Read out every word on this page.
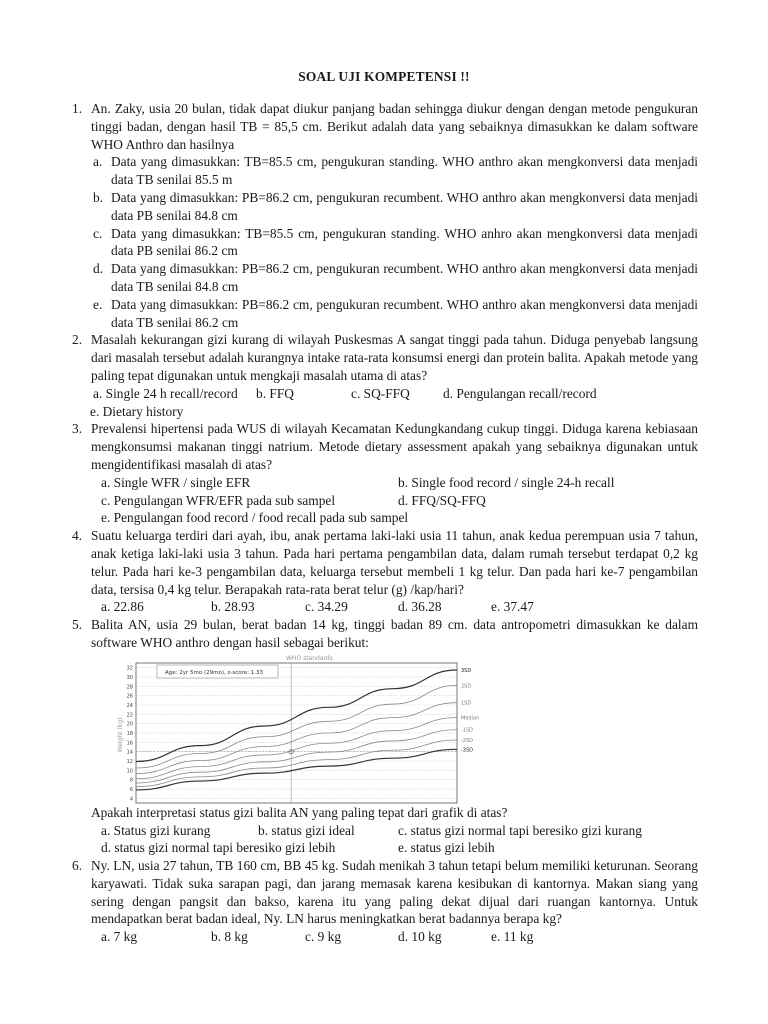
SOAL UJI KOMPETENSI !!
1. An. Zaky, usia 20 bulan, tidak dapat diukur panjang badan sehingga diukur dengan dengan metode pengukuran tinggi badan, dengan hasil TB = 85,5 cm. Berikut adalah data yang sebaiknya dimasukkan ke dalam software WHO Anthro dan hasilnya
a. Data yang dimasukkan: TB=85.5 cm, pengukuran standing. WHO anthro akan mengkonversi data menjadi data TB senilai 85.5 m
b. Data yang dimasukkan: PB=86.2 cm, pengukuran recumbent. WHO anthro akan mengkonversi data menjadi data PB senilai 84.8 cm
c. Data yang dimasukkan: TB=85.5 cm, pengukuran standing. WHO anhro akan mengkonversi data menjadi data PB senilai 86.2 cm
d. Data yang dimasukkan: PB=86.2 cm, pengukuran recumbent. WHO anthro akan mengkonversi data menjadi data TB senilai 84.8 cm
e. Data yang dimasukkan: PB=86.2 cm, pengukuran recumbent. WHO anthro akan mengkonversi data menjadi data TB senilai 86.2 cm
2. Masalah kekurangan gizi kurang di wilayah Puskesmas A sangat tinggi pada tahun. Diduga penyebab langsung dari masalah tersebut adalah kurangnya intake rata-rata konsumsi energi dan protein balita. Apakah metode yang paling tepat digunakan untuk mengkaji masalah utama di atas?
a. Single 24 h recall/record b. FFQ	c. SQ-FFQ d. Pengulangan recall/record
e. Dietary history
3. Prevalensi hipertensi pada WUS di wilayah Kecamatan Kedungkandang cukup tinggi. Diduga karena kebiasaan mengkonsumsi makanan tinggi natrium. Metode dietary assessment apakah yang sebaiknya digunakan untuk mengidentifikasi masalah di atas?
a. Single WFR / single EFR	b. Single food record / single 24-h recall
c. Pengulangan WFR/EFR pada sub sampel	d. FFQ/SQ-FFQ
e. Pengulangan food record / food recall pada sub sampel
4. Suatu keluarga terdiri dari ayah, ibu, anak pertama laki-laki usia 11 tahun, anak kedua perempuan usia 7 tahun, anak ketiga laki-laki usia 3 tahun. Pada hari pertama pengambilan data, dalam rumah tersebut terdapat 0,2 kg telur. Pada hari ke-3 pengambilan data, keluarga tersebut membeli 1 kg telur. Dan pada hari ke-7 pengambilan data, tersisa 0,4 kg telur. Berapakah rata-rata berat telur (g) /kap/hari?
a. 22.86	b. 28.93	c. 34.29	d. 36.28	e. 37.47
5. Balita AN, usia 29 bulan, berat badan 14 kg, tinggi badan 89 cm. data antropometri dimasukkan ke dalam software WHO anthro dengan hasil sebagai berikut:
32
30
28
26
24
22
20
18
16
14
12
10
8
6
4
3SD
2SD
1SD
Median
-1SD
-2SD
-3SD
WHO standards
Weight (kg)
Age: 2yr 5mo (29mo), z-score: 1.33
Apakah interpretasi status gizi balita AN yang paling tepat dari grafik di atas?
a. Status gizi kurang	b. status gizi ideal	c. status gizi normal tapi beresiko gizi kurang
d. status gizi normal tapi beresiko gizi lebih	e. status gizi lebih
6. Ny. LN, usia 27 tahun, TB 160 cm, BB 45 kg. Sudah menikah 3 tahun tetapi belum memiliki keturunan. Seorang karyawati. Tidak suka sarapan pagi, dan jarang memasak karena kesibukan di kantornya. Makan siang yang sering dengan pangsit dan bakso, karena itu yang paling dekat dijual dari ruangan kantornya. Untuk mendapatkan berat badan ideal, Ny. LN harus meningkatkan berat badannya berapa kg?
a. 7 kg	b. 8 kg	c. 9 kg	d. 10 kg	e. 11 kg
